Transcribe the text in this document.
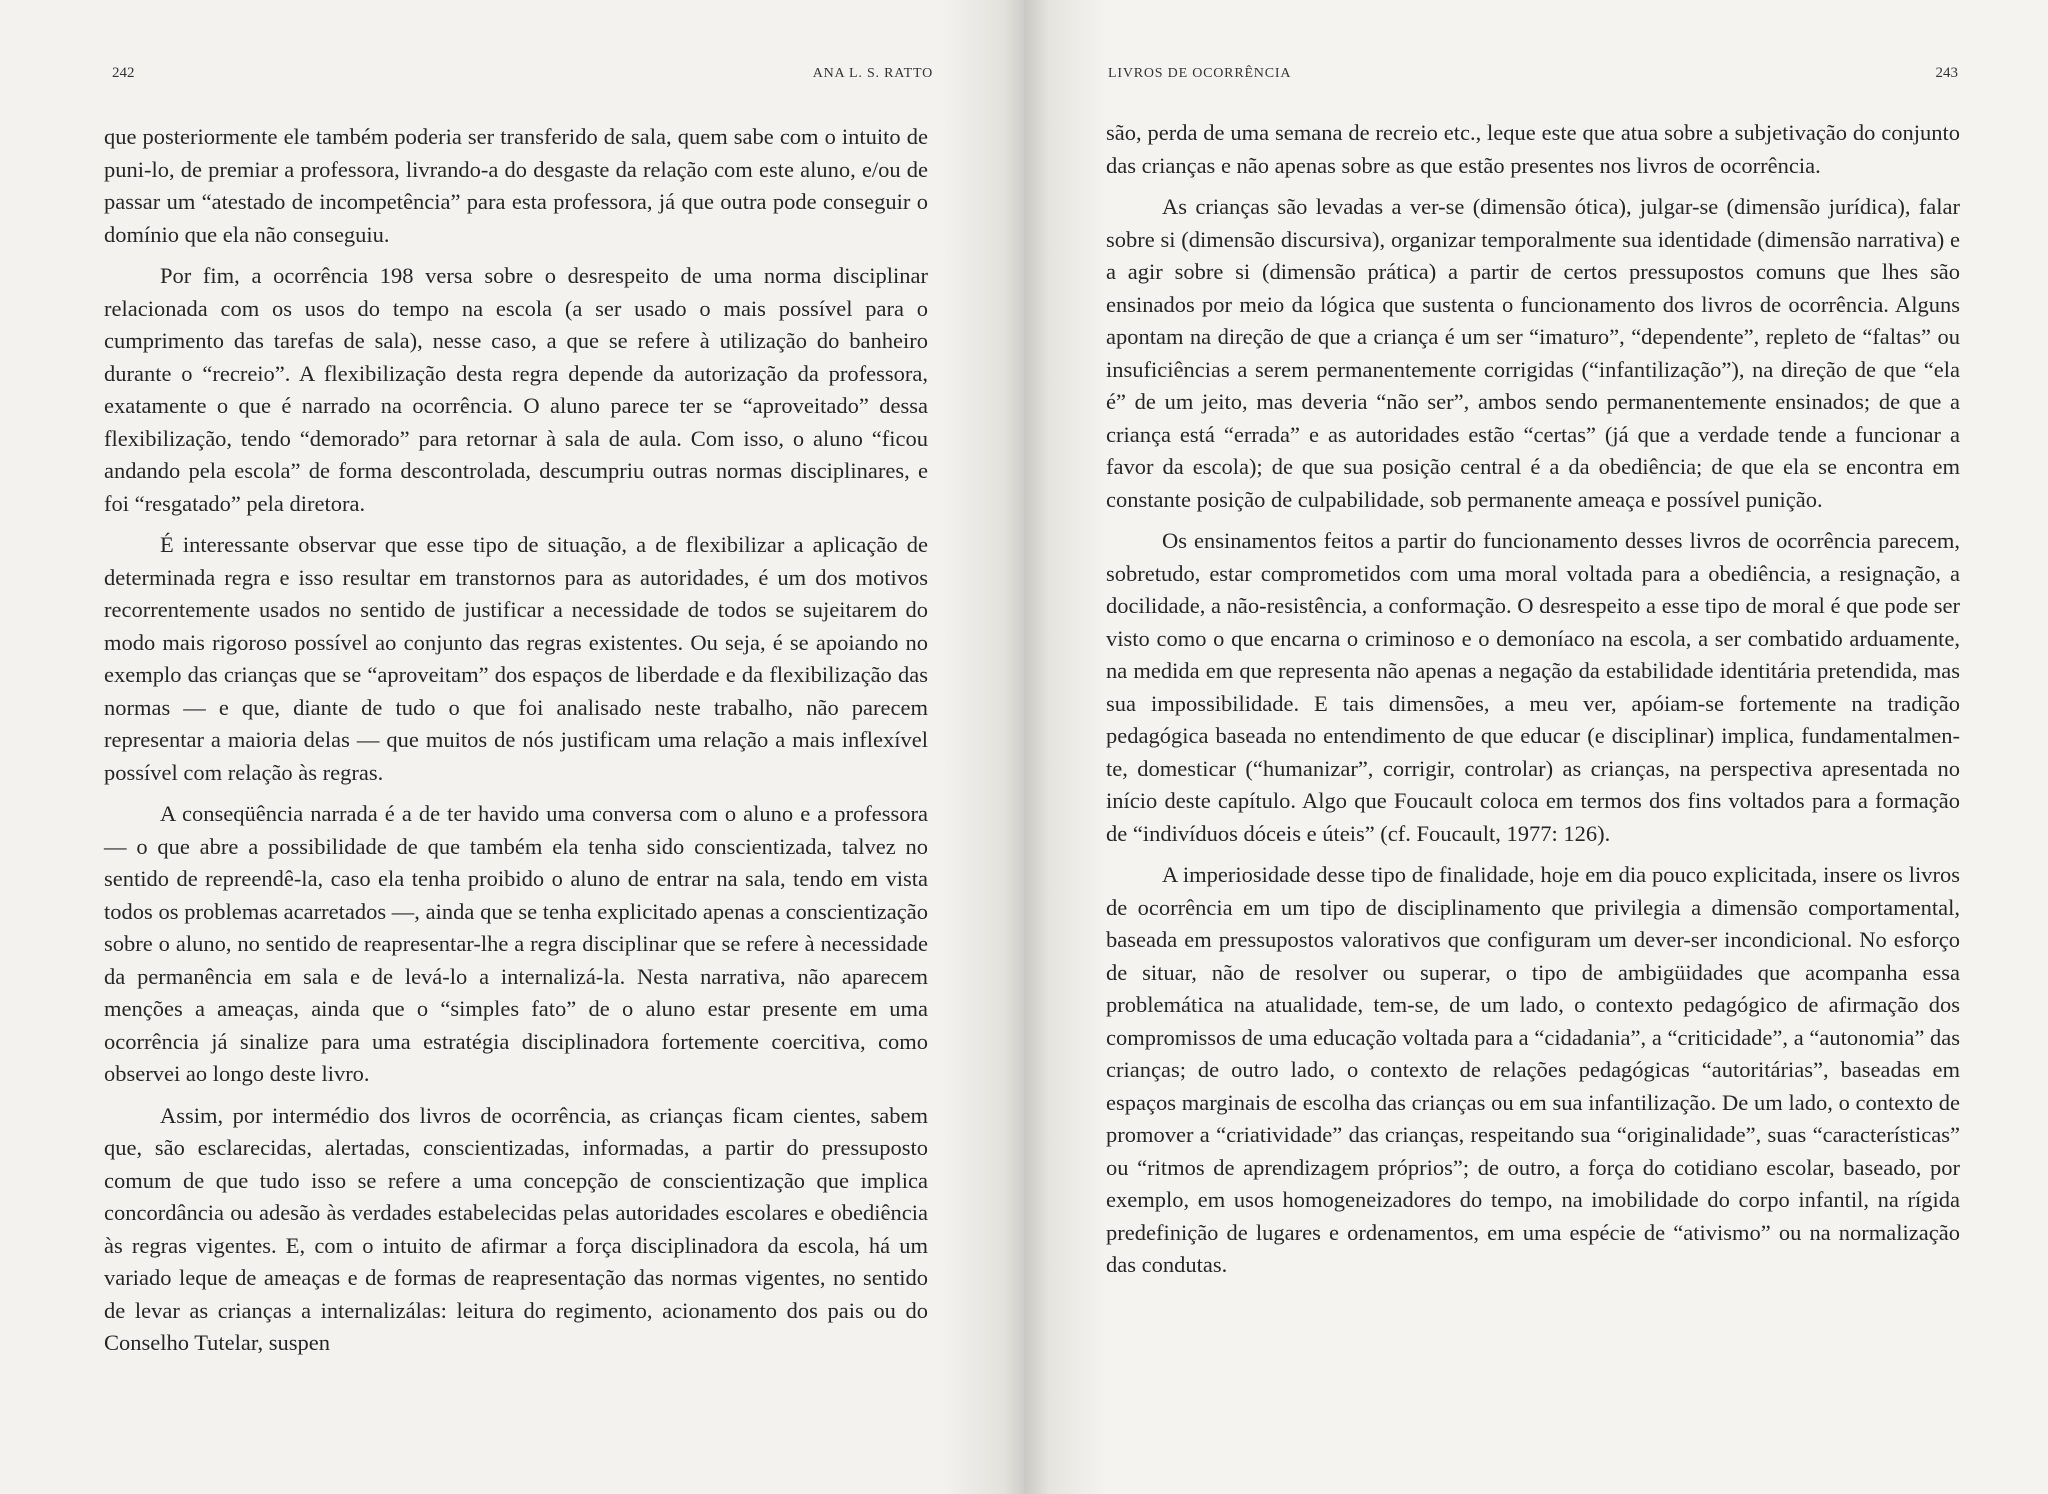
242	ANA L. S. RATTO

que posteriormente ele também poderia ser transferido de sala, quem sabe com o intuito de puni-lo, de premiar a professora, livrando-a do desgaste da relação com este aluno, e/ou de passar um “atestado de incompetência” para esta professora, já que outra pode conseguir o domínio que ela não conseguiu.

Por fim, a ocorrência 198 versa sobre o desrespeito de uma norma disciplinar relacionada com os usos do tempo na escola (a ser usado o mais possível para o cumprimento das tarefas de sala), nesse caso, a que se refere à utilização do banheiro durante o “recreio”. A flexibilização desta regra depende da autorização da professora, exatamente o que é narrado na ocorrência. O aluno parece ter se “aproveitado” dessa flexibilização, tendo “demorado” para retornar à sala de aula. Com isso, o aluno “ficou andando pela escola” de forma descontrolada, descumpriu outras normas disciplinares, e foi “resgatado” pela diretora.

É interessante observar que esse tipo de situação, a de flexibilizar a aplicação de determinada regra e isso resultar em transtornos para as autoridades, é um dos motivos recorrentemente usados no sentido de justificar a necessidade de todos se sujeitarem do modo mais rigoroso possível ao conjunto das regras existentes. Ou seja, é se apoiando no exemplo das crianças que se “aproveitam” dos espaços de liberdade e da flexibilização das normas — e que, diante de tudo o que foi analisado neste trabalho, não parecem representar a maioria delas — que muitos de nós justificam uma relação a mais inflexível possível com relação às regras.

A conseqüência narrada é a de ter havido uma conversa com o aluno e a professora — o que abre a possibilidade de que também ela tenha sido conscientizada, talvez no sentido de repreendê-la, caso ela tenha proibido o aluno de entrar na sala, tendo em vista todos os problemas acarretados —, ainda que se tenha explicitado apenas a conscientização sobre o aluno, no sentido de reapresentar-lhe a regra disciplinar que se refere à necessidade da permanência em sala e de levá-lo a internalizá-la. Nesta narrativa, não aparecem menções a ameaças, ainda que o “simples fato” de o aluno estar presente em uma ocorrência já sinalize para uma estratégia disciplinadora fortemente coercitiva, como observei ao longo deste livro.

Assim, por intermédio dos livros de ocorrência, as crianças ficam cientes, sabem que, são esclarecidas, alertadas, conscientizadas, informadas, a partir do pressuposto comum de que tudo isso se refere a uma concepção de conscientização que implica concordância ou adesão às verdades estabelecidas pelas autoridades escolares e obediência às regras vigentes. E, com o intuito de afirmar a força disciplinadora da escola, há um variado leque de ameaças e de formas de reapresentação das normas vigentes, no sentido de levar as crianças a internalizálas: leitura do regimento, acionamento dos pais ou do Conselho Tutelar, suspen

LIVROS DE OCORRÊNCIA	243

são, perda de uma semana de recreio etc., leque este que atua sobre a subjetivação do conjunto das crianças e não apenas sobre as que estão presentes nos livros de ocorrência.

As crianças são levadas a ver-se (dimensão ótica), julgar-se (dimensão jurídica), falar sobre si (dimensão discursiva), organizar temporalmente sua identidade (dimensão narrativa) e a agir sobre si (dimensão prática) a partir de certos pressupostos comuns que lhes são ensinados por meio da lógica que sustenta o funcionamento dos livros de ocorrência. Alguns apontam na direção de que a criança é um ser “imaturo”, “dependente”, repleto de “faltas” ou insuficiências a serem permanentemente corrigidas (“infantilização”), na direção de que “ela é” de um jeito, mas deveria “não ser”, ambos sendo permanentemente ensinados; de que a criança está “errada” e as autoridades estão “certas” (já que a verdade tende a funcionar a favor da escola); de que sua posição central é a da obediência; de que ela se encontra em constante posição de culpabilidade, sob permanente ameaça e possível punição.

Os ensinamentos feitos a partir do funcionamento desses livros de ocorrência parecem, sobretudo, estar comprometidos com uma moral voltada para a obediência, a resignação, a docilidade, a não-resistência, a conformação. O desrespeito a esse tipo de moral é que pode ser visto como o que encarna o criminoso e o demoníaco na escola, a ser combatido arduamente, na medida em que representa não apenas a negação da estabilidade identitária pretendida, mas sua impossibilidade. E tais dimensões, a meu ver, apóiam-se fortemente na tradição pedagógica baseada no entendimento de que educar (e disciplinar) implica, fundamentalmente, domesticar (“humanizar”, corrigir, controlar) as crianças, na perspectiva apresentada no início deste capítulo. Algo que Foucault coloca em termos dos fins voltados para a formação de “indivíduos dóceis e úteis” (cf. Foucault, 1977: 126).

A imperiosidade desse tipo de finalidade, hoje em dia pouco explicitada, insere os livros de ocorrência em um tipo de disciplinamento que privilegia a dimensão comportamental, baseada em pressupostos valorativos que configuram um dever-ser incondicional. No esforço de situar, não de resolver ou superar, o tipo de ambigüidades que acompanha essa problemática na atualidade, tem-se, de um lado, o contexto pedagógico de afirmação dos compromissos de uma educação voltada para a “cidadania”, a “criticidade”, a “autonomia” das crianças; de outro lado, o contexto de relações pedagógicas “autoritárias”, baseadas em espaços marginais de escolha das crianças ou em sua infantilização. De um lado, o contexto de promover a “criatividade” das crianças, respeitando sua “originalidade”, suas “características” ou “ritmos de aprendizagem próprios”; de outro, a força do cotidiano escolar, baseado, por exemplo, em usos homogeneizadores do tempo, na imobilidade do corpo infantil, na rígida predefinição de lugares e ordenamentos, em uma espécie de “ativismo” ou na normalização das condutas.
